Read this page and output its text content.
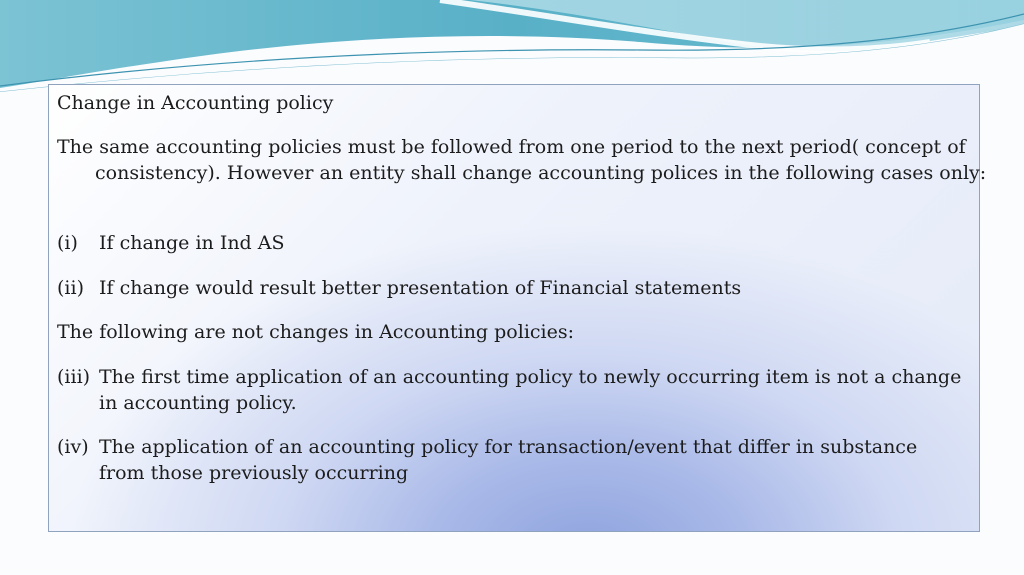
Change in Accounting policy
The same accounting policies must be followed from one period to the next period( concept of consistency). However an entity shall change accounting polices in the following cases only:
(i) If change in Ind AS
(ii) If change would result better presentation of Financial statements
The following are not changes in Accounting policies:
(iii) The first time application of an accounting policy to newly occurring item is not a change in accounting policy.
(iv) The application of an accounting policy for transaction/event that differ in substance from those previously occurring
